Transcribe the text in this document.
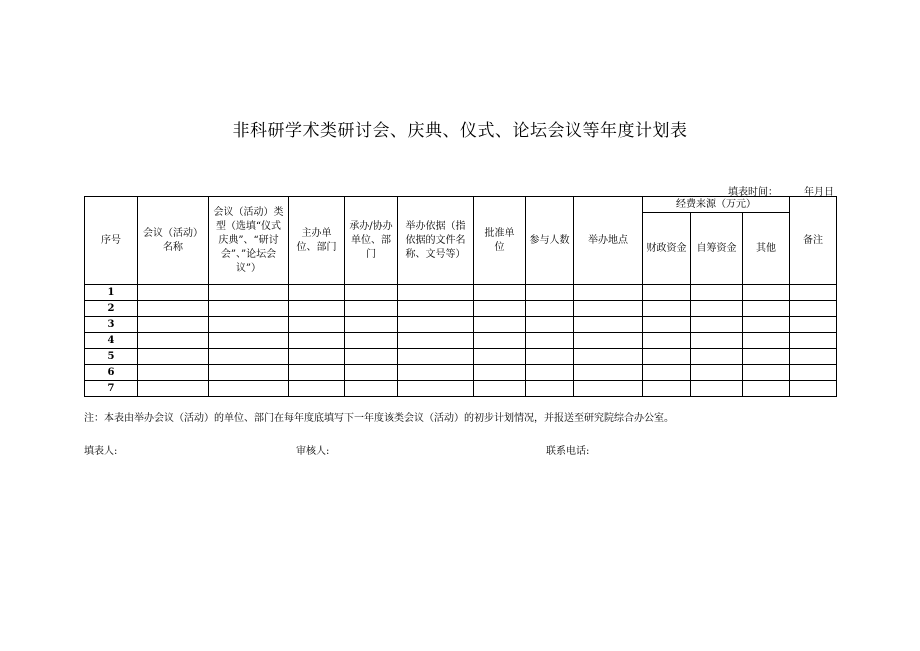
非科研学术类研讨会、庆典、仪式、论坛会议等年度计划表
填表时间：	年月日
序号	会议（活动）名称	会议（活动）类型（选填“仪式庆典”、“研讨会”、”论坛会议”）	主办单位、部门	承办/协办单位、部门	举办依据（指依据的文件名称、文号等）	批准单位	参与人数	举办地点	经费来源（万元）			备注
									财政资金	自筹资金	其他	
1												
2												
3												
4												
5												
6												
7												
注：本表由举办会议（活动）的单位、部门在每年度底填写下一年度该类会议（活动）的初步计划情况，并报送至研究院综合办公室。
填表人:	审核人:	联系电话:
